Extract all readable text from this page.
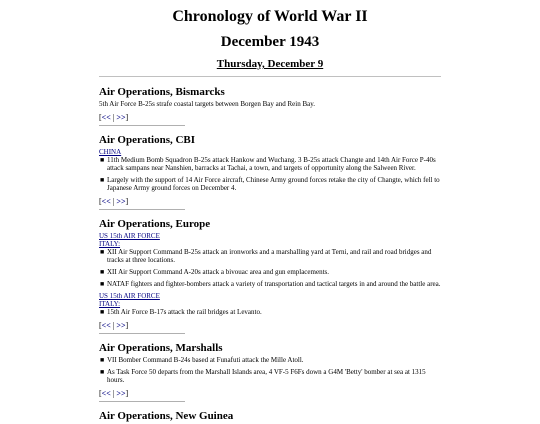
Chronology of World War II
December 1943
Thursday, December 9
Air Operations, Bismarcks
5th Air Force B-25s strafe coastal targets between Borgen Bay and Rein Bay.
[<< | >>]
Air Operations, CBI
CHINA
■ 11th Medium Bomb Squadron B-25s attack Hankow and Wuchang. 3 B-25s attack Changte and 14th Air Force P-40s attack sampans near Nanshien, barracks at Tachai, a town, and targets of opportunity along the Salween River.
■ Largely with the support of 14 Air Force aircraft, Chinese Army ground forces retake the city of Changte, which fell to Japanese Army ground forces on December 4.
[<< | >>]
Air Operations, Europe
US 15th AIR FORCE
ITALY:
■ XII Air Support Command B-25s attack an ironworks and a marshalling yard at Terni, and rail and road bridges and tracks at three locations.
■ XII Air Support Command A-20s attack a bivouac area and gun emplacements.
■ NATAF fighters and fighter-bombers attack a variety of transportation and tactical targets in and around the battle area.
US 15th AIR FORCE
ITALY:
■ 15th Air Force B-17s attack the rail bridges at Levanto.
[<< | >>]
Air Operations, Marshalls
■ VII Bomber Command B-24s based at Funafuti attack the Mille Atoll.
■ As Task Force 50 departs from the Marshall Islands area, 4 VF-5 F6Fs down a G4M 'Betty' bomber at sea at 1315 hours.
[<< | >>]
Air Operations, New Guinea
